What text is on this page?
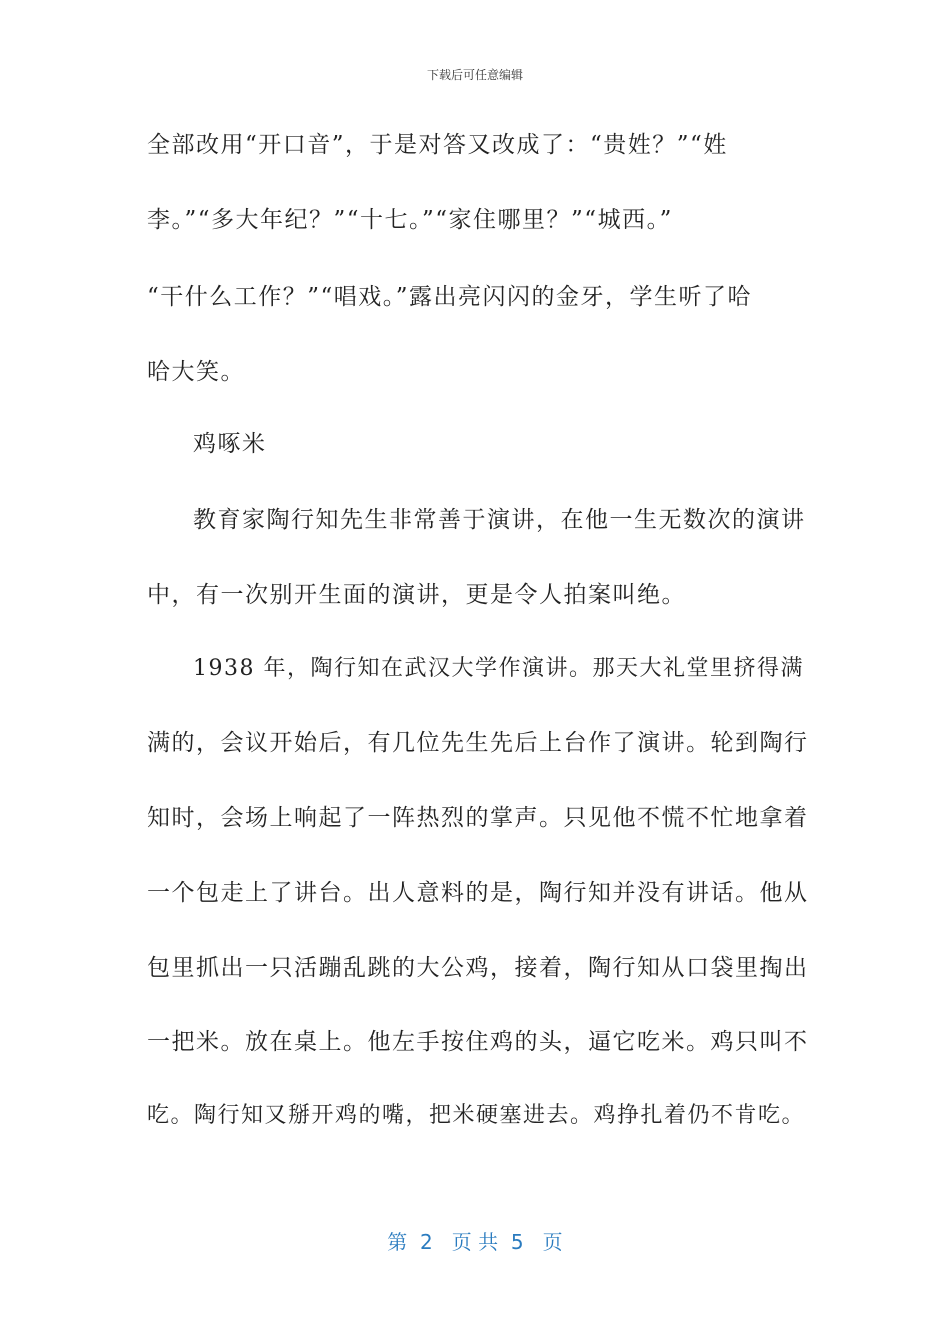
下载后可任意编辑
全部改用“开口音”，于是对答又改成了：“贵姓？”“姓
李。”“多大年纪？”“十七。”“家住哪里？”“城西。”
“干什么工作？”“唱戏。”露出亮闪闪的金牙，学生听了哈
哈大笑。
鸡啄米
教育家陶行知先生非常善于演讲，在他一生无数次的演讲
中，有一次别开生面的演讲，更是令人拍案叫绝。
1938 年，陶行知在武汉大学作演讲。那天大礼堂里挤得满
满的，会议开始后，有几位先生先后上台作了演讲。轮到陶行
知时，会场上响起了一阵热烈的掌声。只见他不慌不忙地拿着
一个包走上了讲台。出人意料的是，陶行知并没有讲话。他从
包里抓出一只活蹦乱跳的大公鸡，接着，陶行知从口袋里掏出
一把米。放在桌上。他左手按住鸡的头，逼它吃米。鸡只叫不
吃。陶行知又掰开鸡的嘴，把米硬塞进去。鸡挣扎着仍不肯吃。
第  2   页 共  5   页
